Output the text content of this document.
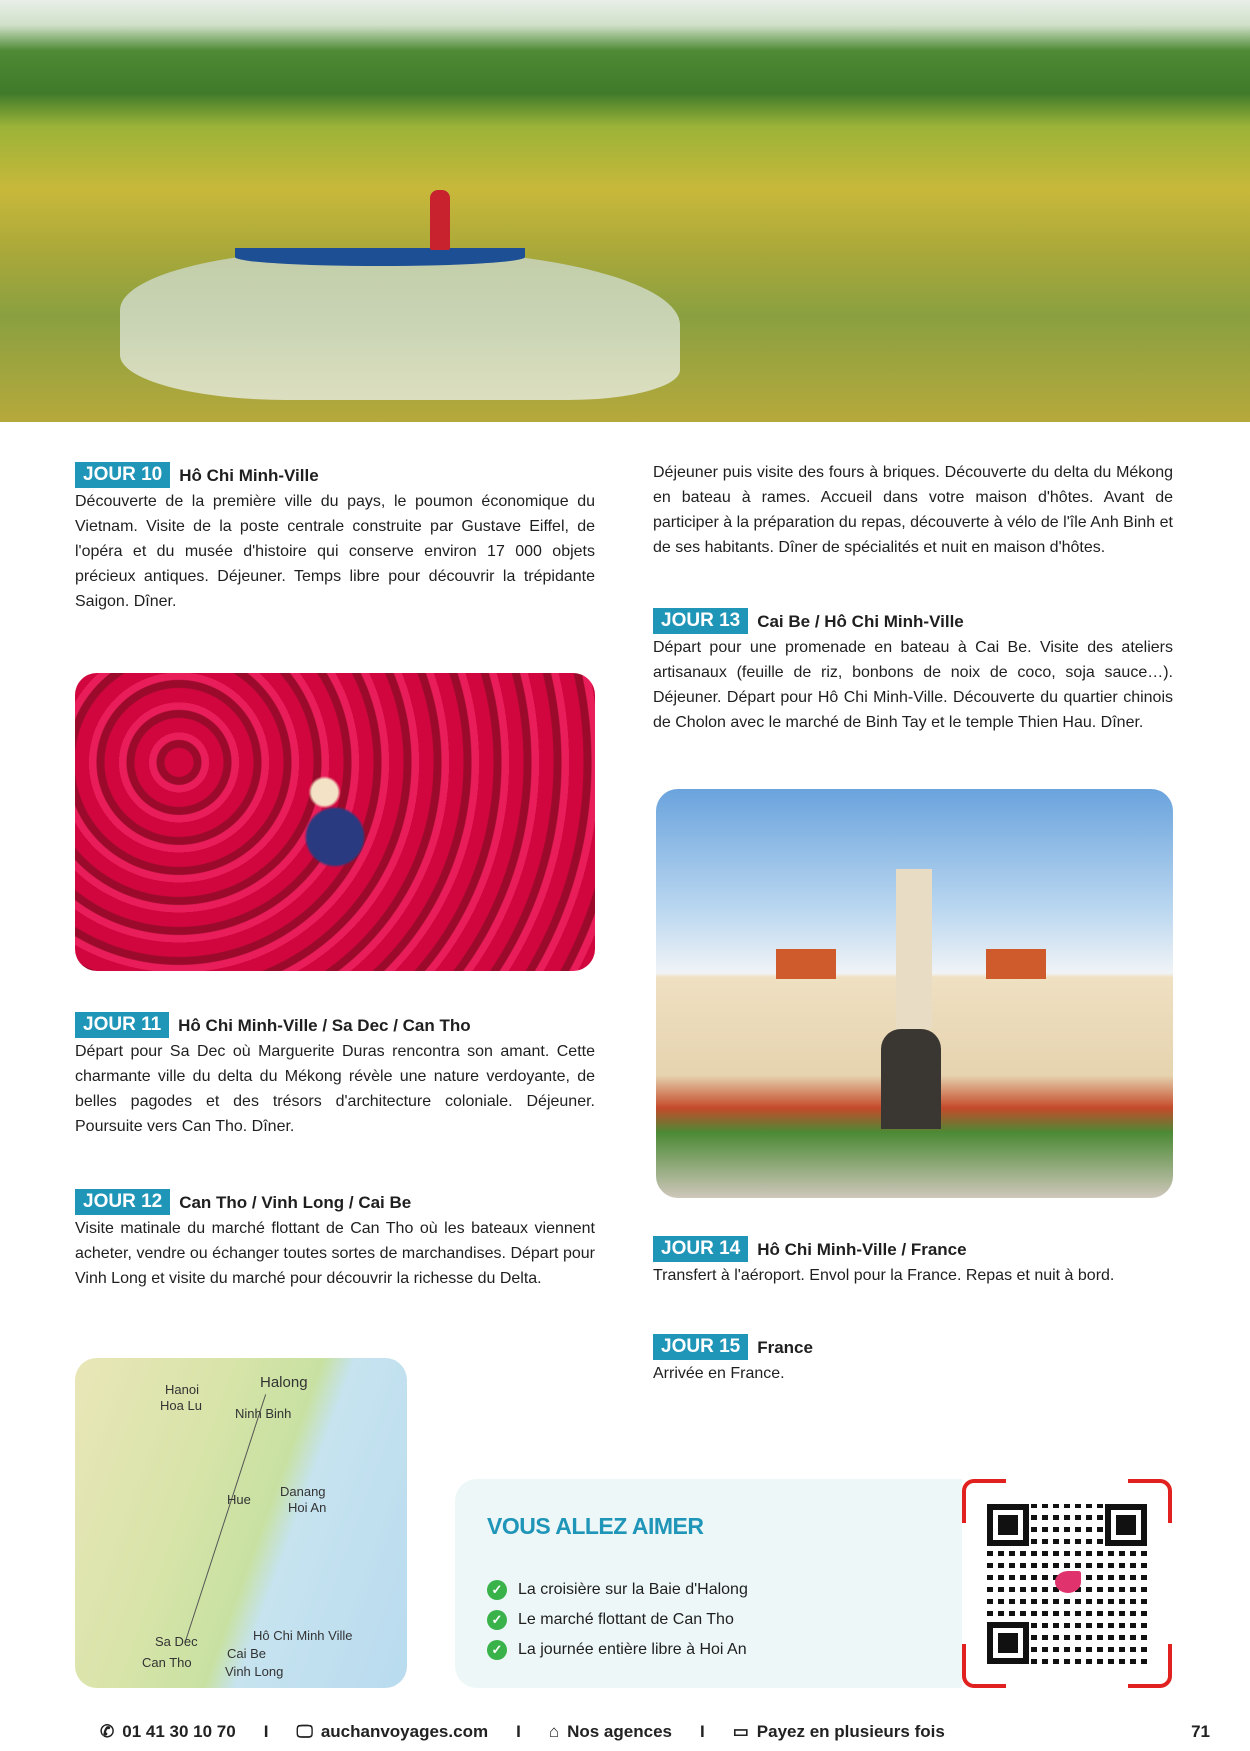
JOUR 10	Hô Chi Minh-Ville

Découverte de la première ville du pays, le poumon économique du Vietnam. Visite de la poste centrale construite par Gustave Eiffel, de l'opéra et du musée d'histoire qui conserve environ 17 000 objets précieux antiques. Déjeuner. Temps libre pour découvrir la trépidante Saigon. Dîner.

JOUR 11	Hô Chi Minh-Ville / Sa Dec / Can Tho

Départ pour Sa Dec où Marguerite Duras rencontra son amant. Cette charmante ville du delta du Mékong révèle une nature verdoyante, de belles pagodes et des trésors d'architecture coloniale. Déjeuner. Poursuite vers Can Tho. Dîner.

JOUR 12	Can Tho / Vinh Long / Cai Be

Visite matinale du marché flottant de Can Tho où les bateaux viennent acheter, vendre ou échanger toutes sortes de marchandises. Départ pour Vinh Long et visite du marché pour découvrir la richesse du Delta.

Hanoi
Hoa Lu
Halong
Ninh Binh
Hue
Danang
Hoi An
Hô Chi Minh Ville
Sa Dec
Cai Be
Can Tho
Vinh Long

Déjeuner puis visite des fours à briques. Découverte du delta du Mékong en bateau à rames. Accueil dans votre maison d'hôtes. Avant de participer à la préparation du repas, découverte à vélo de l'île Anh Binh et de ses habitants. Dîner de spécialités et nuit en maison d'hôtes.

JOUR 13	Cai Be / Hô Chi Minh-Ville

Départ pour une promenade en bateau à Cai Be. Visite des ateliers artisanaux (feuille de riz, bonbons de noix de coco, soja sauce…). Déjeuner. Départ pour Hô Chi Minh-Ville. Découverte du quartier chinois de Cholon avec le marché de Binh Tay et le temple Thien Hau. Dîner.

JOUR 14	Hô Chi Minh-Ville / France

Transfert à l'aéroport. Envol pour la France. Repas et nuit à bord.

JOUR 15	France

Arrivée en France.

VOUS ALLEZ AIMER
✓ La croisière sur la Baie d'Halong
✓ Le marché flottant de Can Tho
✓ La journée entière libre à Hoi An
✆ 01 41 30 10 70 I 🖵 auchanvoyages.com I ⌂ Nos agences I ▭ Payez en plusieurs fois	71
